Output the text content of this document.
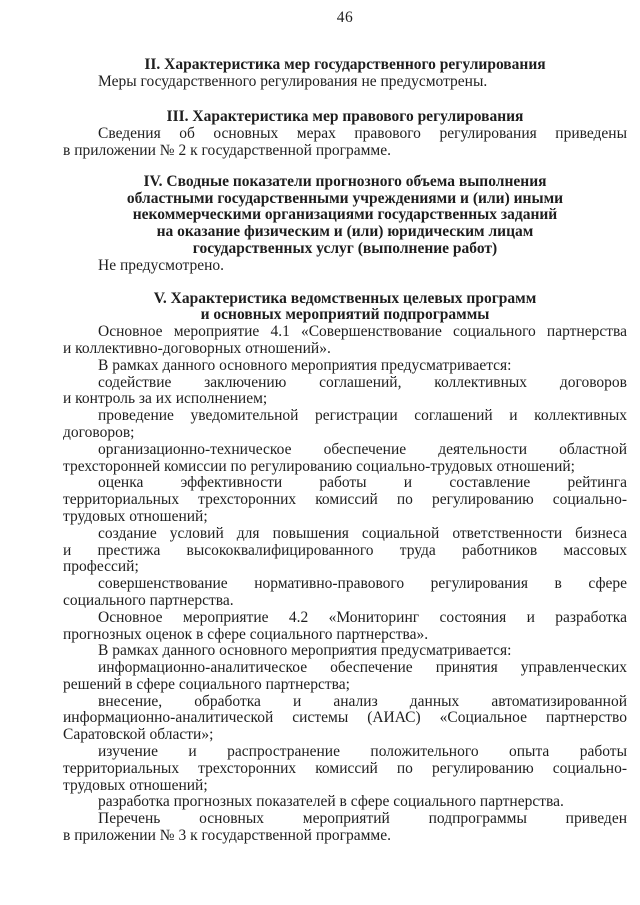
46
II. Характеристика мер государственного регулирования
Меры государственного регулирования не предусмотрены.
III. Характеристика мер правового регулирования
Сведения об основных мерах правового регулирования приведены
в приложении № 2 к государственной программе.
IV. Сводные показатели прогнозного объема выполнения
областными государственными учреждениями и (или) иными
некоммерческими организациями государственных заданий
на оказание физическим и (или) юридическим лицам
государственных услуг (выполнение работ)
Не предусмотрено.
V. Характеристика ведомственных целевых программ
и основных мероприятий подпрограммы
Основное мероприятие 4.1 «Совершенствование социального партнерства
и коллективно-договорных отношений».
В рамках данного основного мероприятия предусматривается:
содействие заключению соглашений, коллективных договоров
и контроль за их исполнением;
проведение уведомительной регистрации соглашений и коллективных
договоров;
организационно-техническое обеспечение деятельности областной
трехсторонней комиссии по регулированию социально-трудовых отношений;
оценка эффективности работы и составление рейтинга
территориальных трехсторонних комиссий по регулированию социально-
трудовых отношений;
создание условий для повышения социальной ответственности бизнеса
и престижа высококвалифицированного труда работников массовых
профессий;
совершенствование нормативно-правового регулирования в сфере
социального партнерства.
Основное мероприятие 4.2 «Мониторинг состояния и разработка
прогнозных оценок в сфере социального партнерства».
В рамках данного основного мероприятия предусматривается:
информационно-аналитическое обеспечение принятия управленческих
решений в сфере социального партнерства;
внесение, обработка и анализ данных автоматизированной
информационно-аналитической системы (АИАС) «Социальное партнерство
Саратовской области»;
изучение и распространение положительного опыта работы
территориальных трехсторонних комиссий по регулированию социально-
трудовых отношений;
разработка прогнозных показателей в сфере социального партнерства.
Перечень основных мероприятий подпрограммы приведен
в приложении № 3 к государственной программе.
